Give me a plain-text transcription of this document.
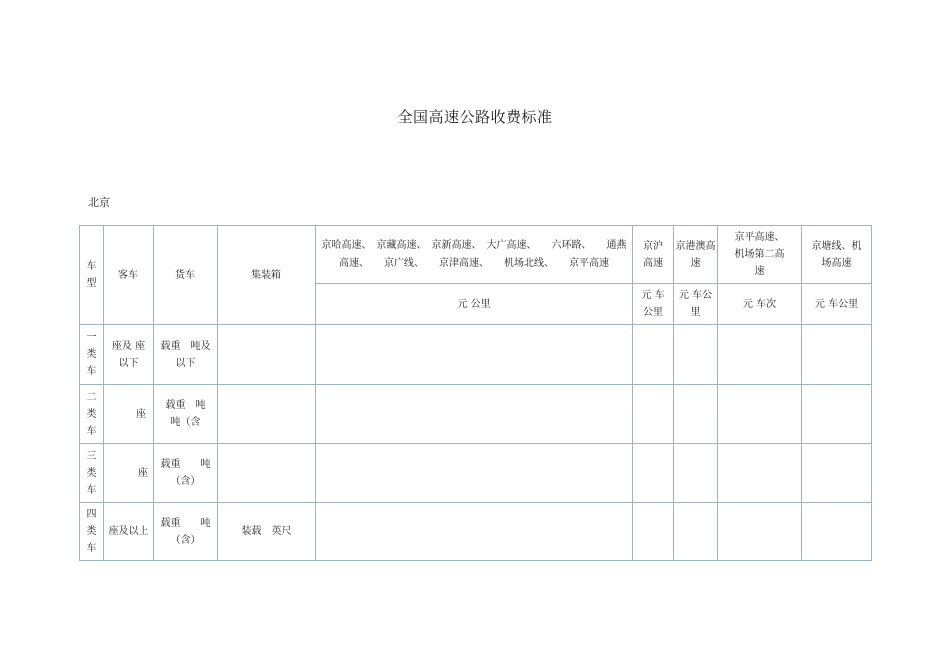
全国高速公路收费标准
北京
车型
客车	货车	集装箱
京哈高速、　京藏高速、　京新高速、　大广高速、　　六环路、　　通燕高速、　　京广线、　　京津高速、　　机场北线、　　京平高速
元 公里
京沪高速
元 车 公里
京港澳高速
元 车公里
京平高速、机场第二高速
元 车次
京塘线、机场高速
元 车公里
一类车
座及 座以下
载重　吨及以下
二类车
座
载重　吨　吨（含
三类车
座
载重　　吨（含）
四类车
座及以上
载重　　吨（含）
装载　英尺
